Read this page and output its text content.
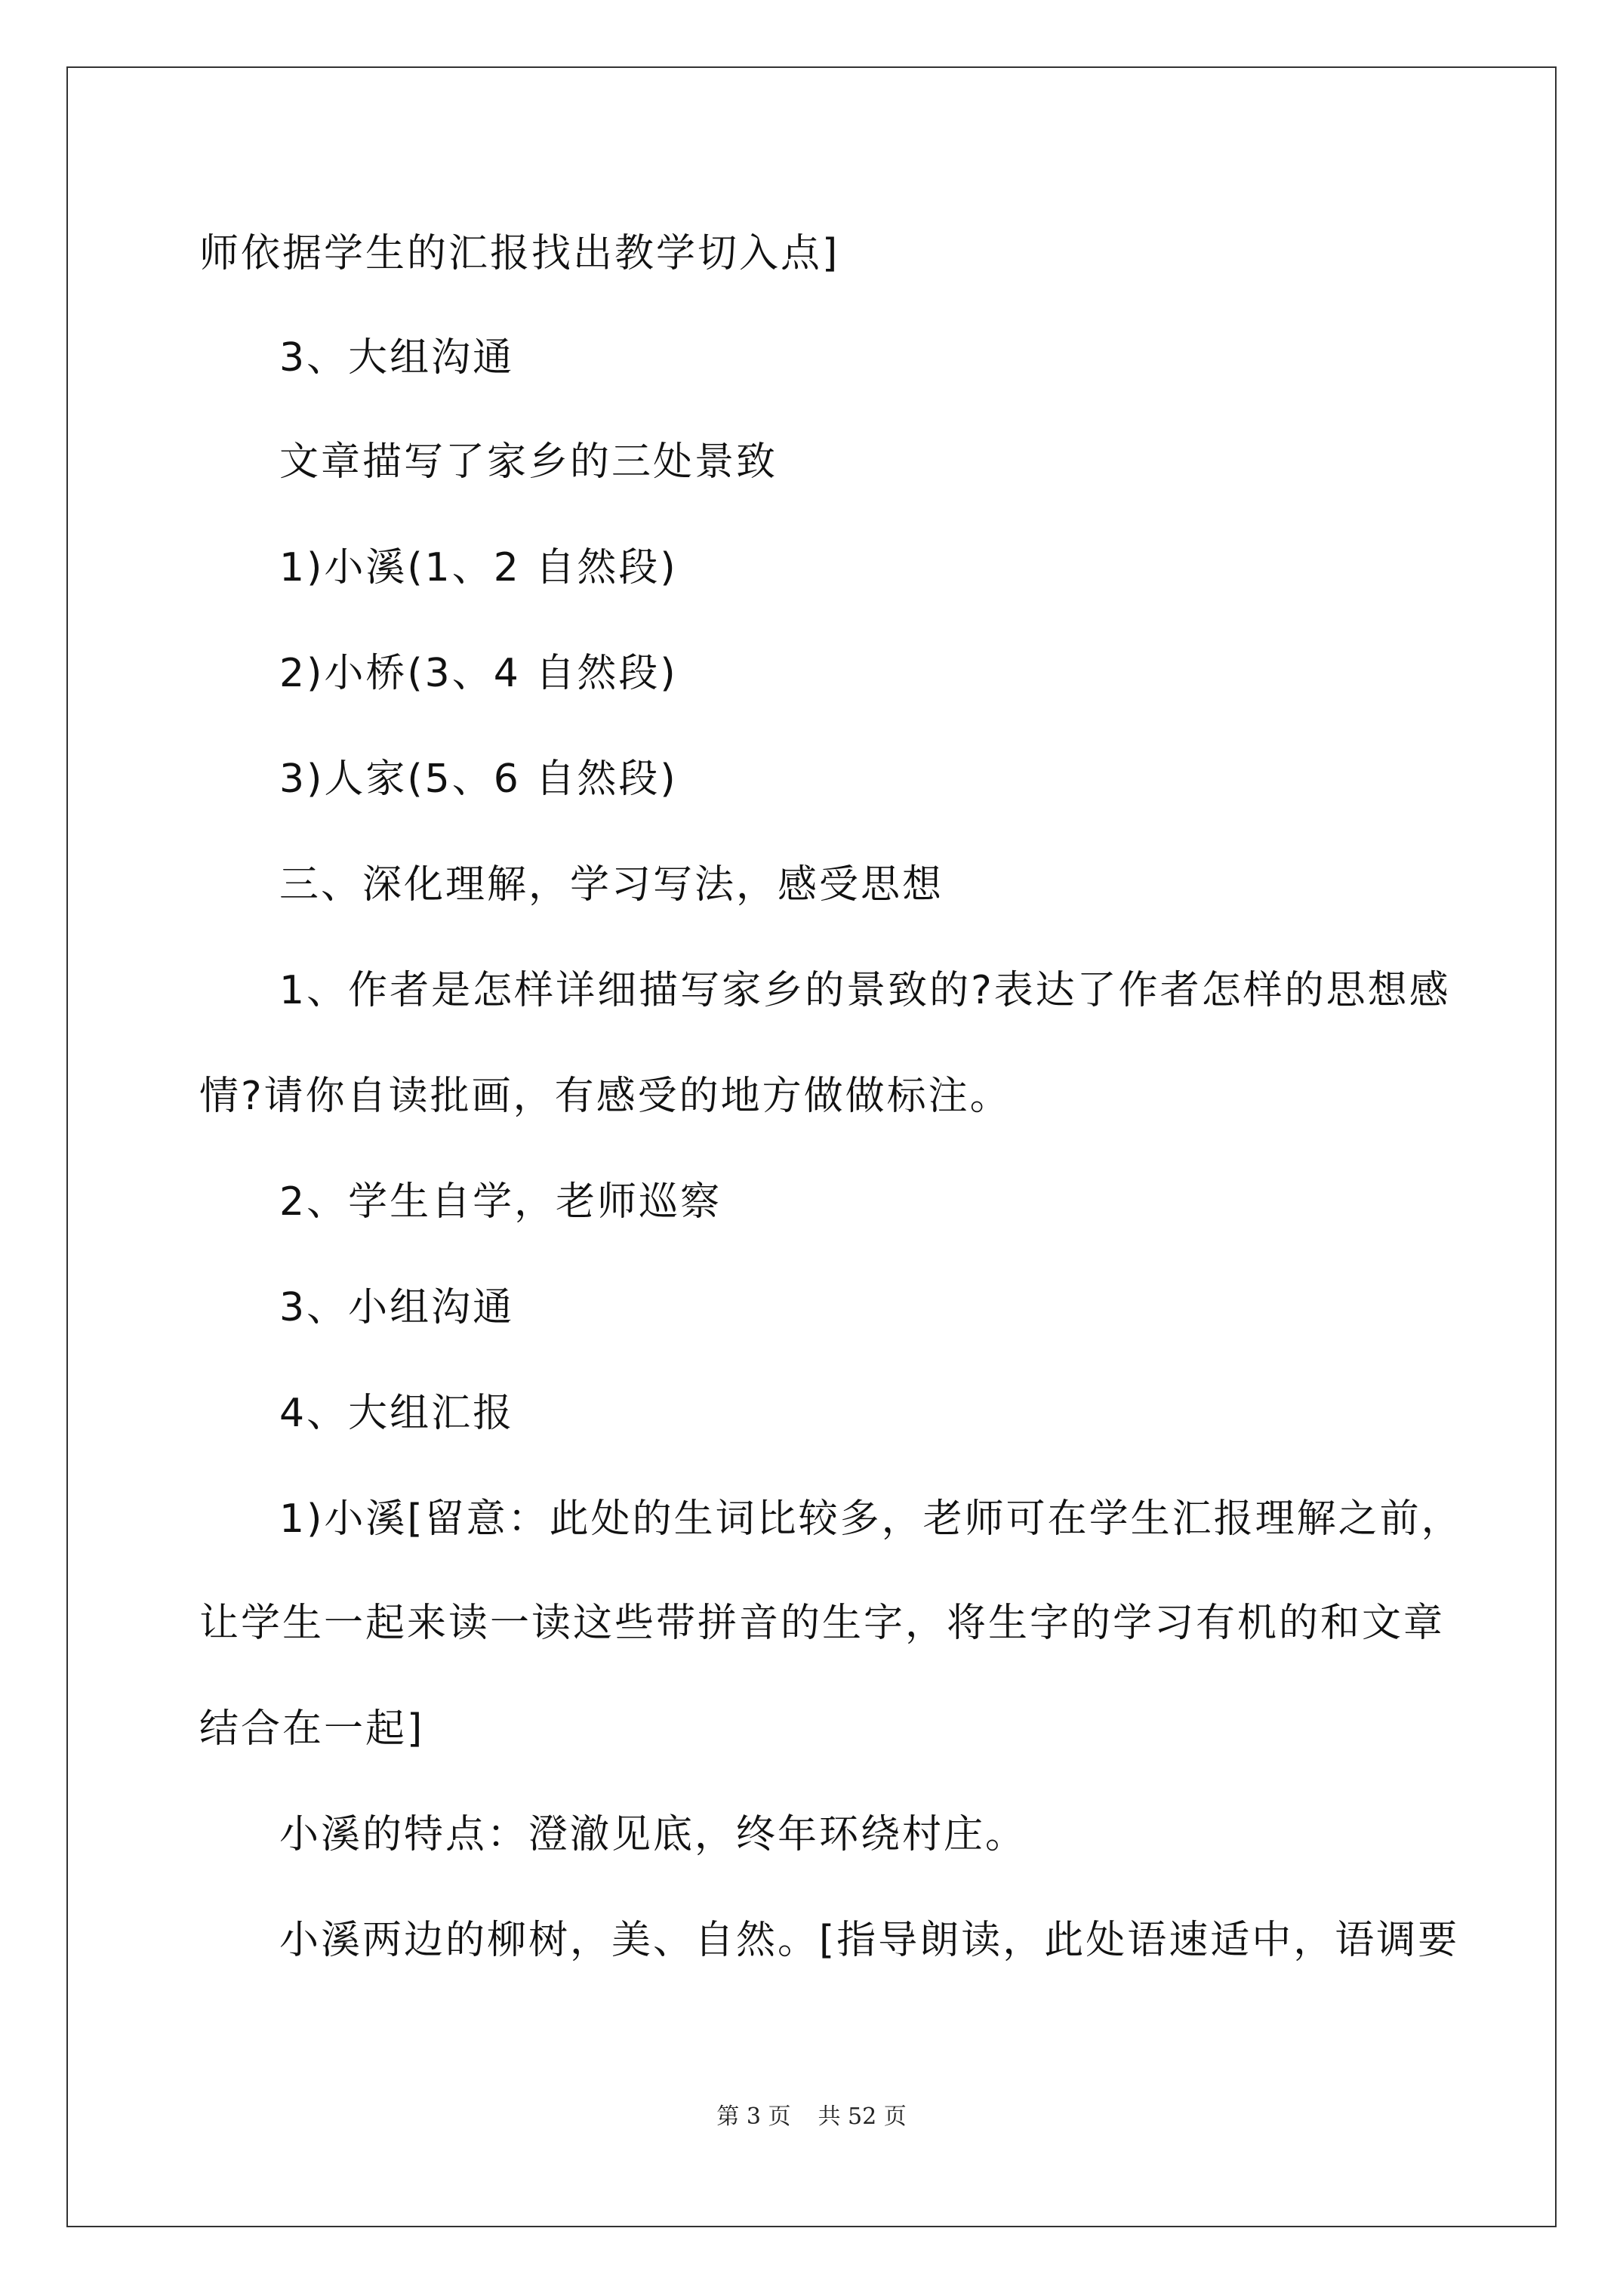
师依据学生的汇报找出教学切入点]
3、大组沟通
文章描写了家乡的三处景致
1)小溪(1、2 自然段)
2)小桥(3、4 自然段)
3)人家(5、6 自然段)
三、深化理解，学习写法，感受思想
1、作者是怎样详细描写家乡的景致的?表达了作者怎样的思想感
情?请你自读批画，有感受的地方做做标注。
2、学生自学，老师巡察
3、小组沟通
4、大组汇报
1)小溪[留意：此处的生词比较多，老师可在学生汇报理解之前，
让学生一起来读一读这些带拼音的生字，将生字的学习有机的和文章
结合在一起]
小溪的特点：澄澈见底，终年环绕村庄。
小溪两边的柳树，美、自然。[指导朗读，此处语速适中，语调要
第 3 页 共 52 页
